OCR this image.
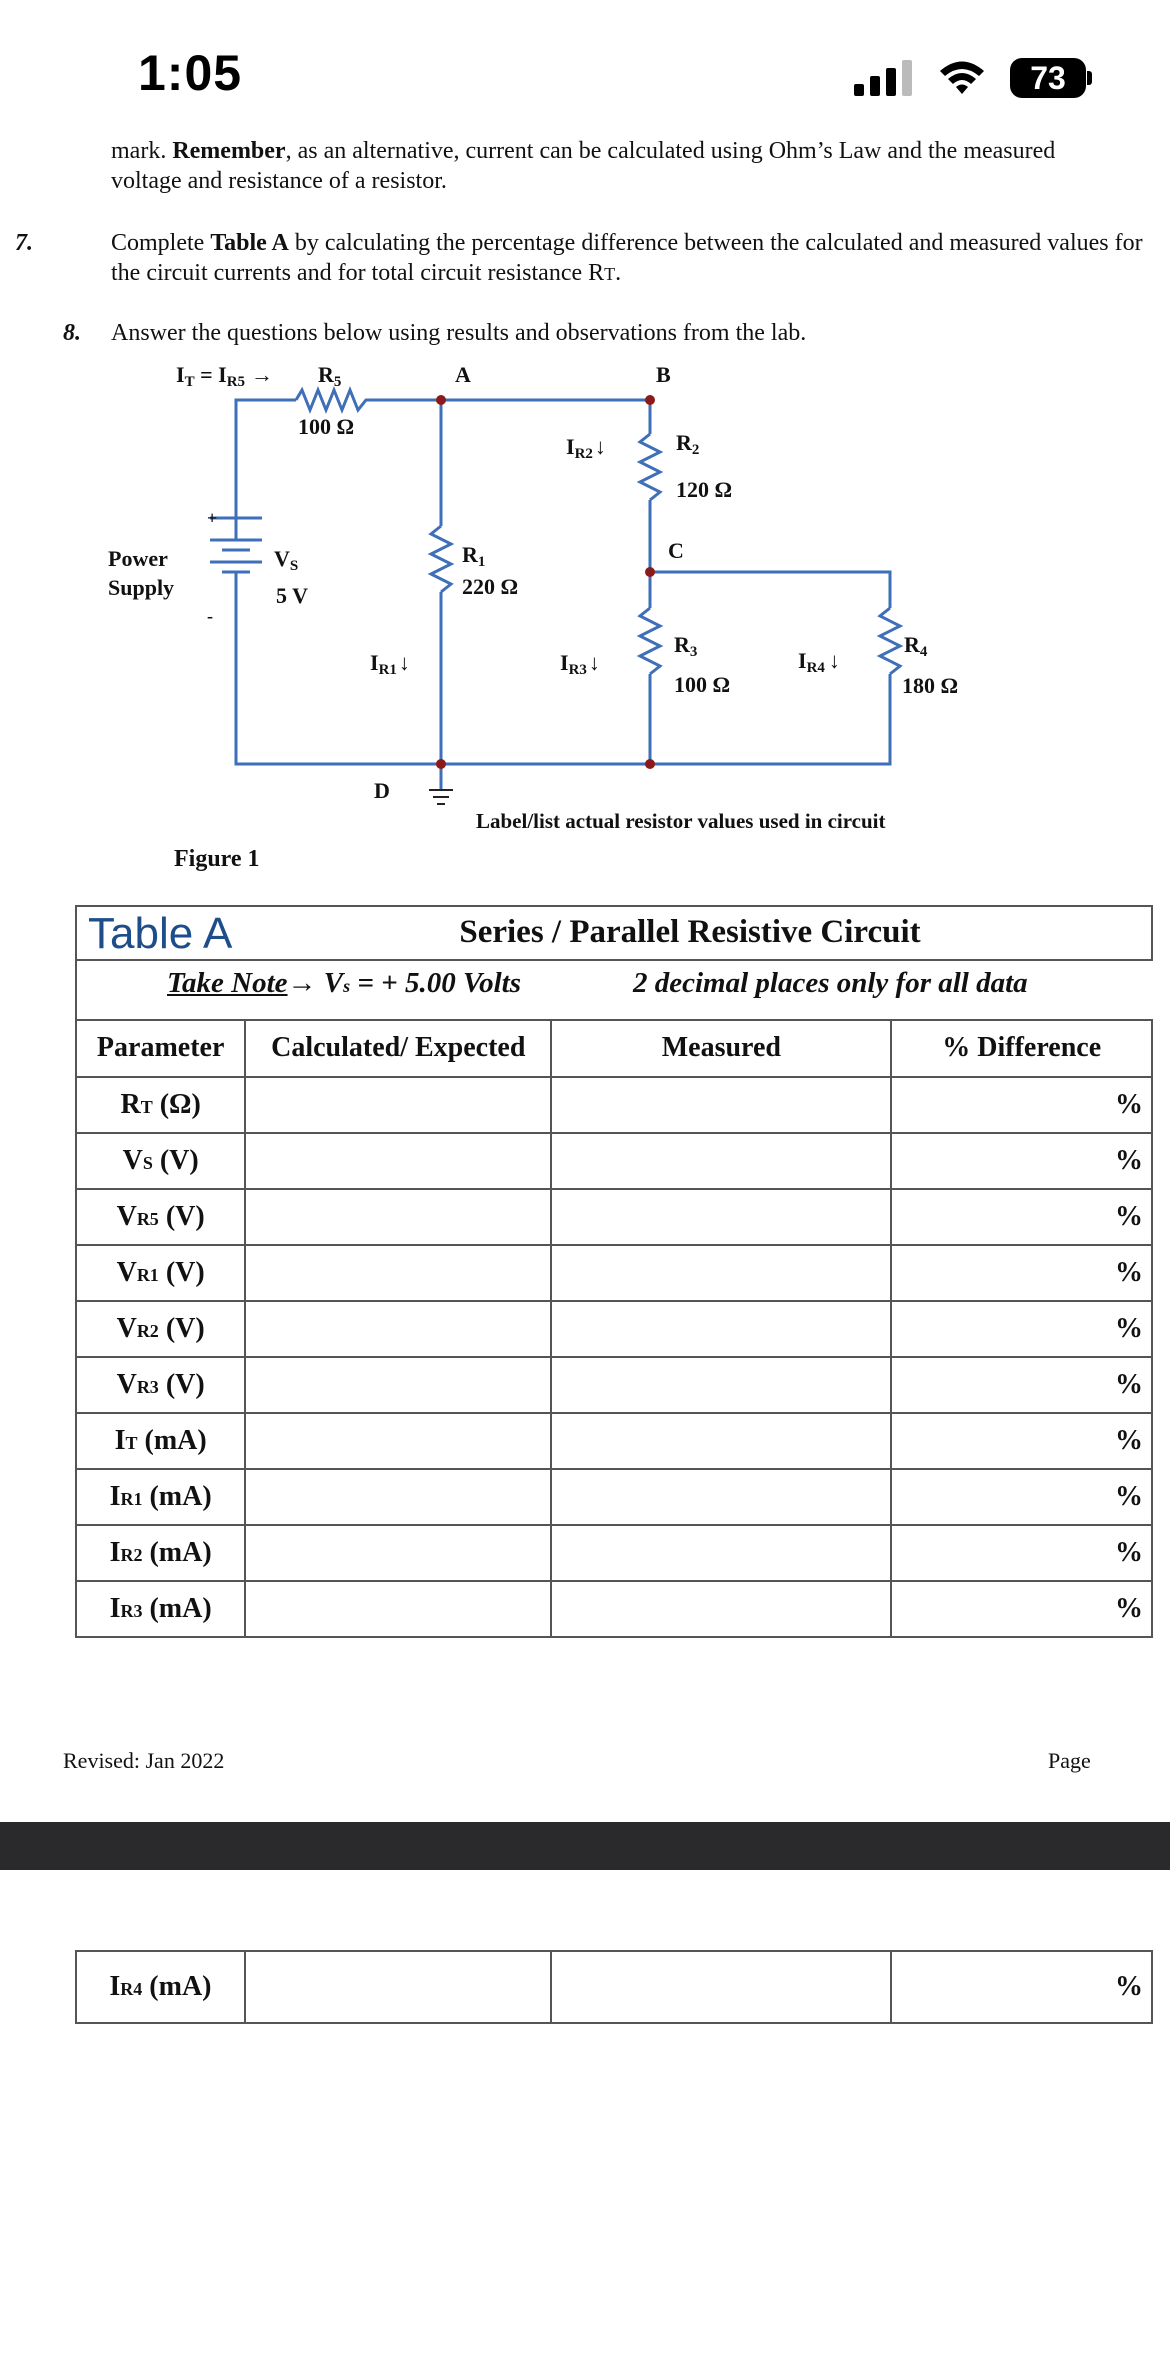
1:05	73
mark. Remember, as an alternative, current can be calculated using Ohm’s Law and the measured voltage and resistance of a resistor.
7.	Complete Table A by calculating the percentage difference between the calculated and measured values for the circuit currents and for total circuit resistance RT.
8. Answer the questions below using results and observations from the lab.
IT = IR5 → R5
100 Ω
A	B
IR2↓	R2
120 Ω
C
Power
Supply
+
-
VS
5 V
R1
220 Ω
IR1↓	IR3↓
R3
100 Ω
IR4 ↓
R4
180 Ω
D
Label/list actual resistor values used in circuit
Figure 1
Table A	Series / Parallel Resistive Circuit
Take Note→ Vs = + 5.00 Volts	2 decimal places only for all data
Parameter	Calculated/ Expected	Measured	% Difference
RT (Ω)			%
VS (V)			%
VR5 (V)			%
VR1 (V)			%
VR2 (V)			%
VR3 (V)			%
IT (mA)			%
IR1 (mA)			%
IR2 (mA)			%
IR3 (mA)			%
Revised: Jan 2022	Page
IR4 (mA)			%
